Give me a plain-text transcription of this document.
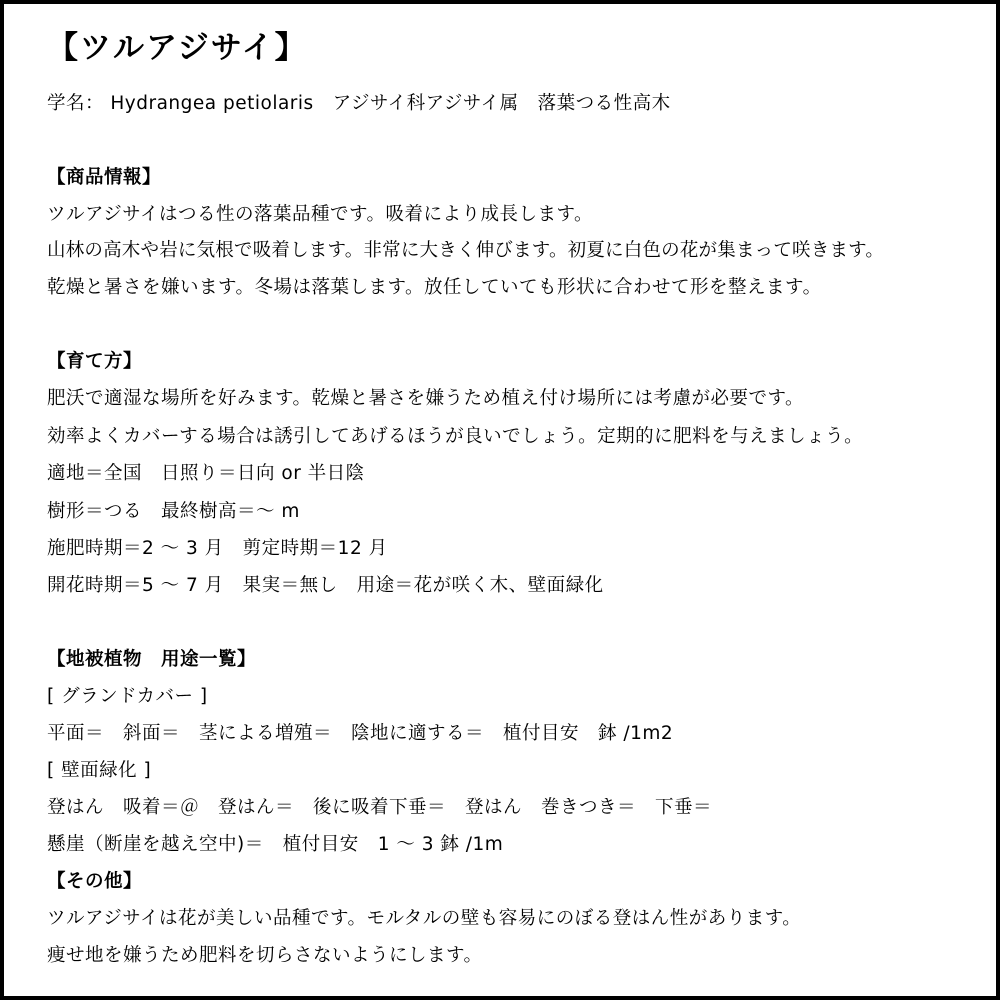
【ツルアジサイ】

学名： Hydrangea petiolaris　アジサイ科アジサイ属　落葉つる性高木

【商品情報】

ツルアジサイはつる性の落葉品種です。吸着により成長します。

山林の高木や岩に気根で吸着します。非常に大きく伸びます。初夏に白色の花が集まって咲きます。

乾燥と暑さを嫌います。冬場は落葉します。放任していても形状に合わせて形を整えます。

【育て方】

肥沃で適湿な場所を好みます。乾燥と暑さを嫌うため植え付け場所には考慮が必要です。

効率よくカバーする場合は誘引してあげるほうが良いでしょう。定期的に肥料を与えましょう。

適地＝全国　日照り＝日向 or 半日陰

樹形＝つる　最終樹高＝～ m

施肥時期＝2 ～ 3 月　剪定時期＝12 月

開花時期＝5 ～ 7 月　果実＝無し　用途＝花が咲く木、壁面緑化

【地被植物　用途一覧】

[ グランドカバー ]

平面＝　斜面＝　茎による増殖＝　陰地に適する＝　植付目安　鉢 /1m2

[ 壁面緑化 ]

登はん　吸着＝＠　登はん＝　後に吸着下垂＝　登はん　巻きつき＝　下垂＝

懸崖（断崖を越え空中)＝　植付目安　1 ～ 3 鉢 /1m

【その他】

ツルアジサイは花が美しい品種です。モルタルの壁も容易にのぼる登はん性があります。

痩せ地を嫌うため肥料を切らさないようにします。
